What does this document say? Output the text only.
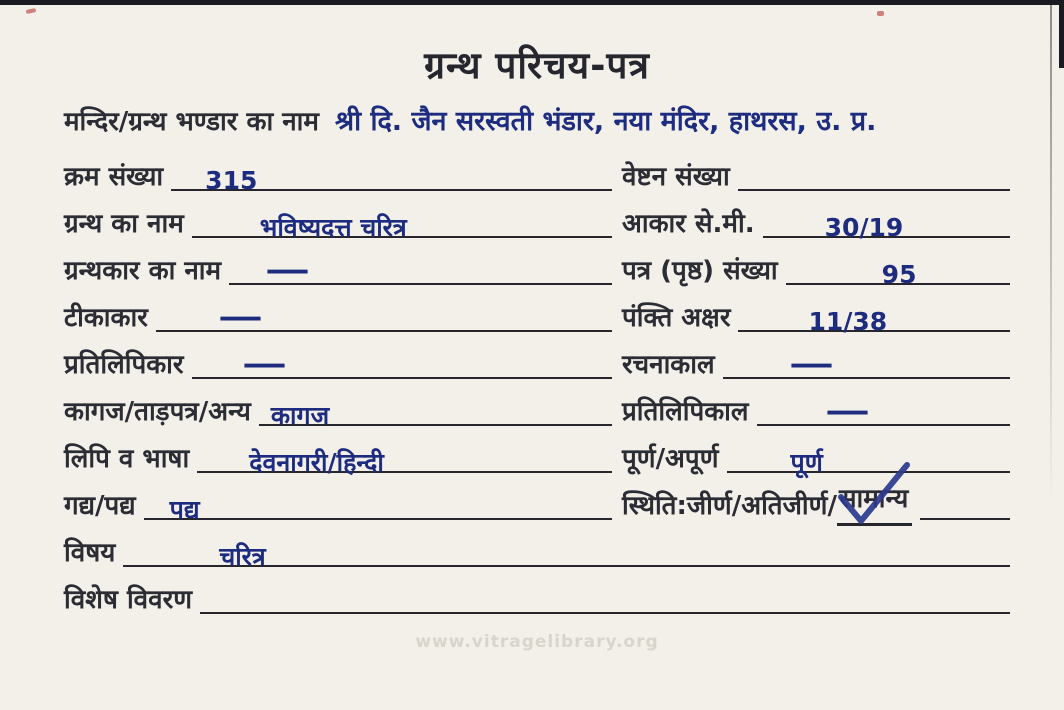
ग्रन्थ परिचय-पत्र
मन्दिर/ग्रन्थ भण्डार का नाम श्री दि. जैन सरस्वती भंडार, नया मंदिर, हाथरस, उ. प्र.
क्रम संख्या 315	वेष्टन संख्या
ग्रन्थ का नाम	भविष्यदत्त चरित्र	आकार से.मी.	30/19
ग्रन्थकार का नाम —	पत्र (पृष्ठ) संख्या	95
टीकाकार —	पंक्ति अक्षर	11/38
प्रतिलिपिकार —	रचनाकाल —
कागज/ताड़पत्र/अन्य कागज	प्रतिलिपिकाल	—
लिपि व भाषा देवनागरी/हिन्दी	पूर्ण/अपूर्ण	पूर्ण
गद्य/पद्य पद्य	स्थिति:जीर्ण/अतिजीर्ण/ सामान्य
विषय	चरित्र
विशेष विवरण
www.vitragelibrary.org
